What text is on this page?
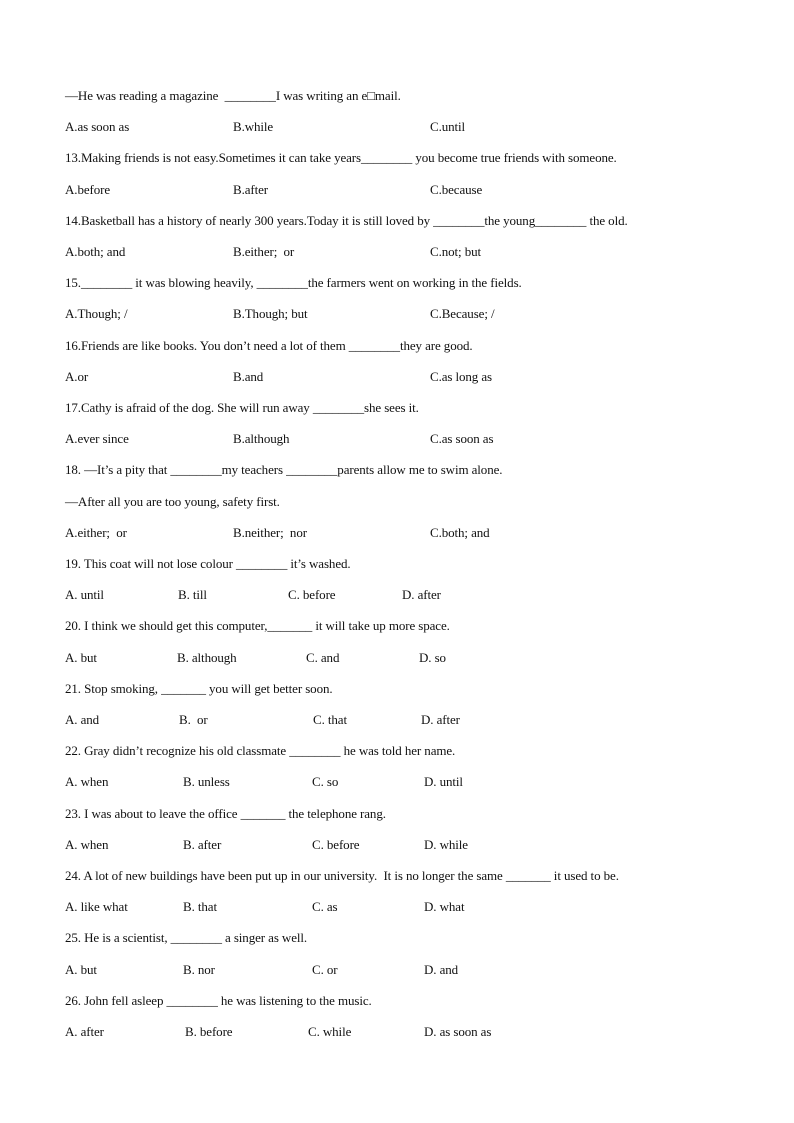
—He was reading a magazine  ________I was writing an e□mail.
A.as soon as	B.while	C.until
13.Making friends is not easy.Sometimes it can take years________ you become true friends with someone.
A.before	B.after	C.because
14.Basketball has a history of nearly 300 years.Today it is still loved by ________the young________ the old.
A.both; and	B.either;  or	C.not; but
15.________ it was blowing heavily, ________the farmers went on working in the fields.
A.Though; /	B.Though; but	C.Because; /
16.Friends are like books. You don’t need a lot of them ________they are good.
A.or	B.and	C.as long as
17.Cathy is afraid of the dog. She will run away ________she sees it.
A.ever since	B.although	C.as soon as
18. —It’s a pity that ________my teachers ________parents allow me to swim alone.
—After all you are too young, safety first.
A.either;  or	B.neither;  nor	C.both; and
19. This coat will not lose colour ________ it’s washed.
A. until	B. till	C. before	D. after
20. I think we should get this computer,_______ it will take up more space.
A. but	B. although	C. and	D. so
21. Stop smoking, _______ you will get better soon.
A. and	B.  or	C. that	D. after
22. Gray didn’t recognize his old classmate ________ he was told her name.
A. when	B. unless	C. so	D. until
23. I was about to leave the office _______ the telephone rang.
A. when	B. after	C. before	D. while
24. A lot of new buildings have been put up in our university.  It is no longer the same _______ it used to be.
A. like what	B. that	C. as	D. what
25. He is a scientist, ________ a singer as well.
A. but	B. nor	C. or	D. and
26. John fell asleep ________ he was listening to the music.
A. after	B. before	C. while	D. as soon as
